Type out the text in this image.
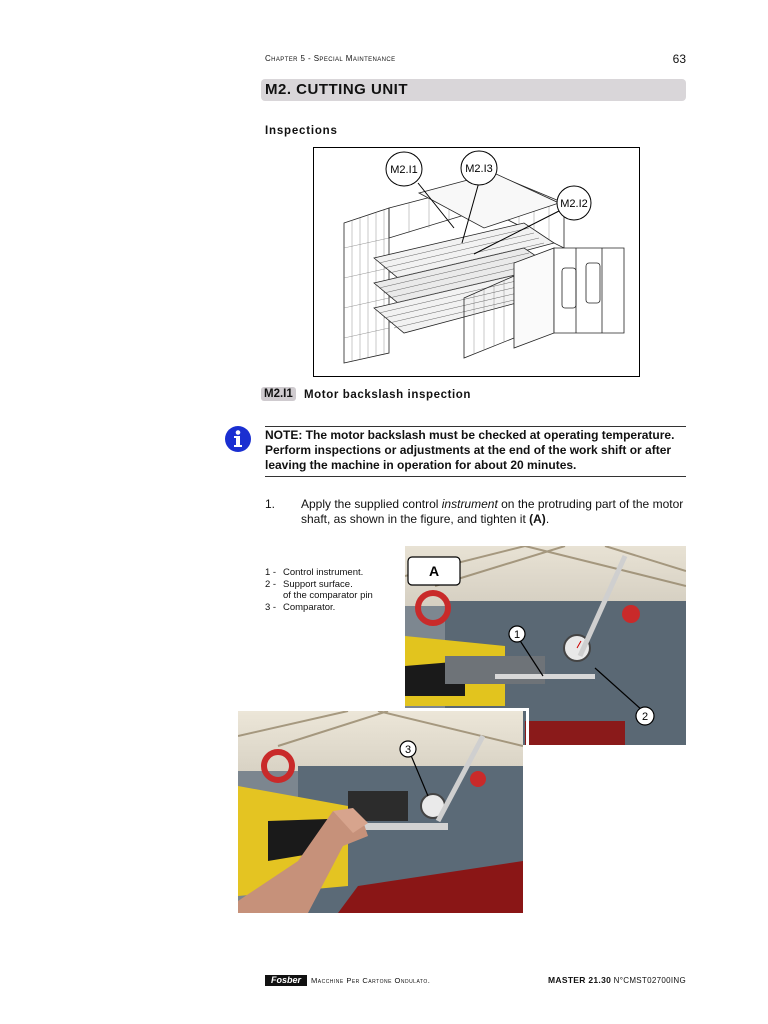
Chapter 5 - Special Maintenance	63
M2. CUTTING UNIT
Inspections
M2.I1	M2.I3
M2.I2
M2.I1 Motor backslash inspection
NOTE: The motor backslash must be checked at operating temperature. Perform inspections or adjustments at the end of the work shift or after leaving the machine in operation for about 20 minutes.
1. Apply the supplied control instrument on the protruding part of the motor shaft, as shown in the figure, and tighten it (A).
1 - Control instrument.
2 - Support surface.
of the comparator pin
3 - Comparator.
A
1
2
3
Fosber	Macchine Per Cartone Ondulato.	MASTER 21.30 N°CMST02700ING
